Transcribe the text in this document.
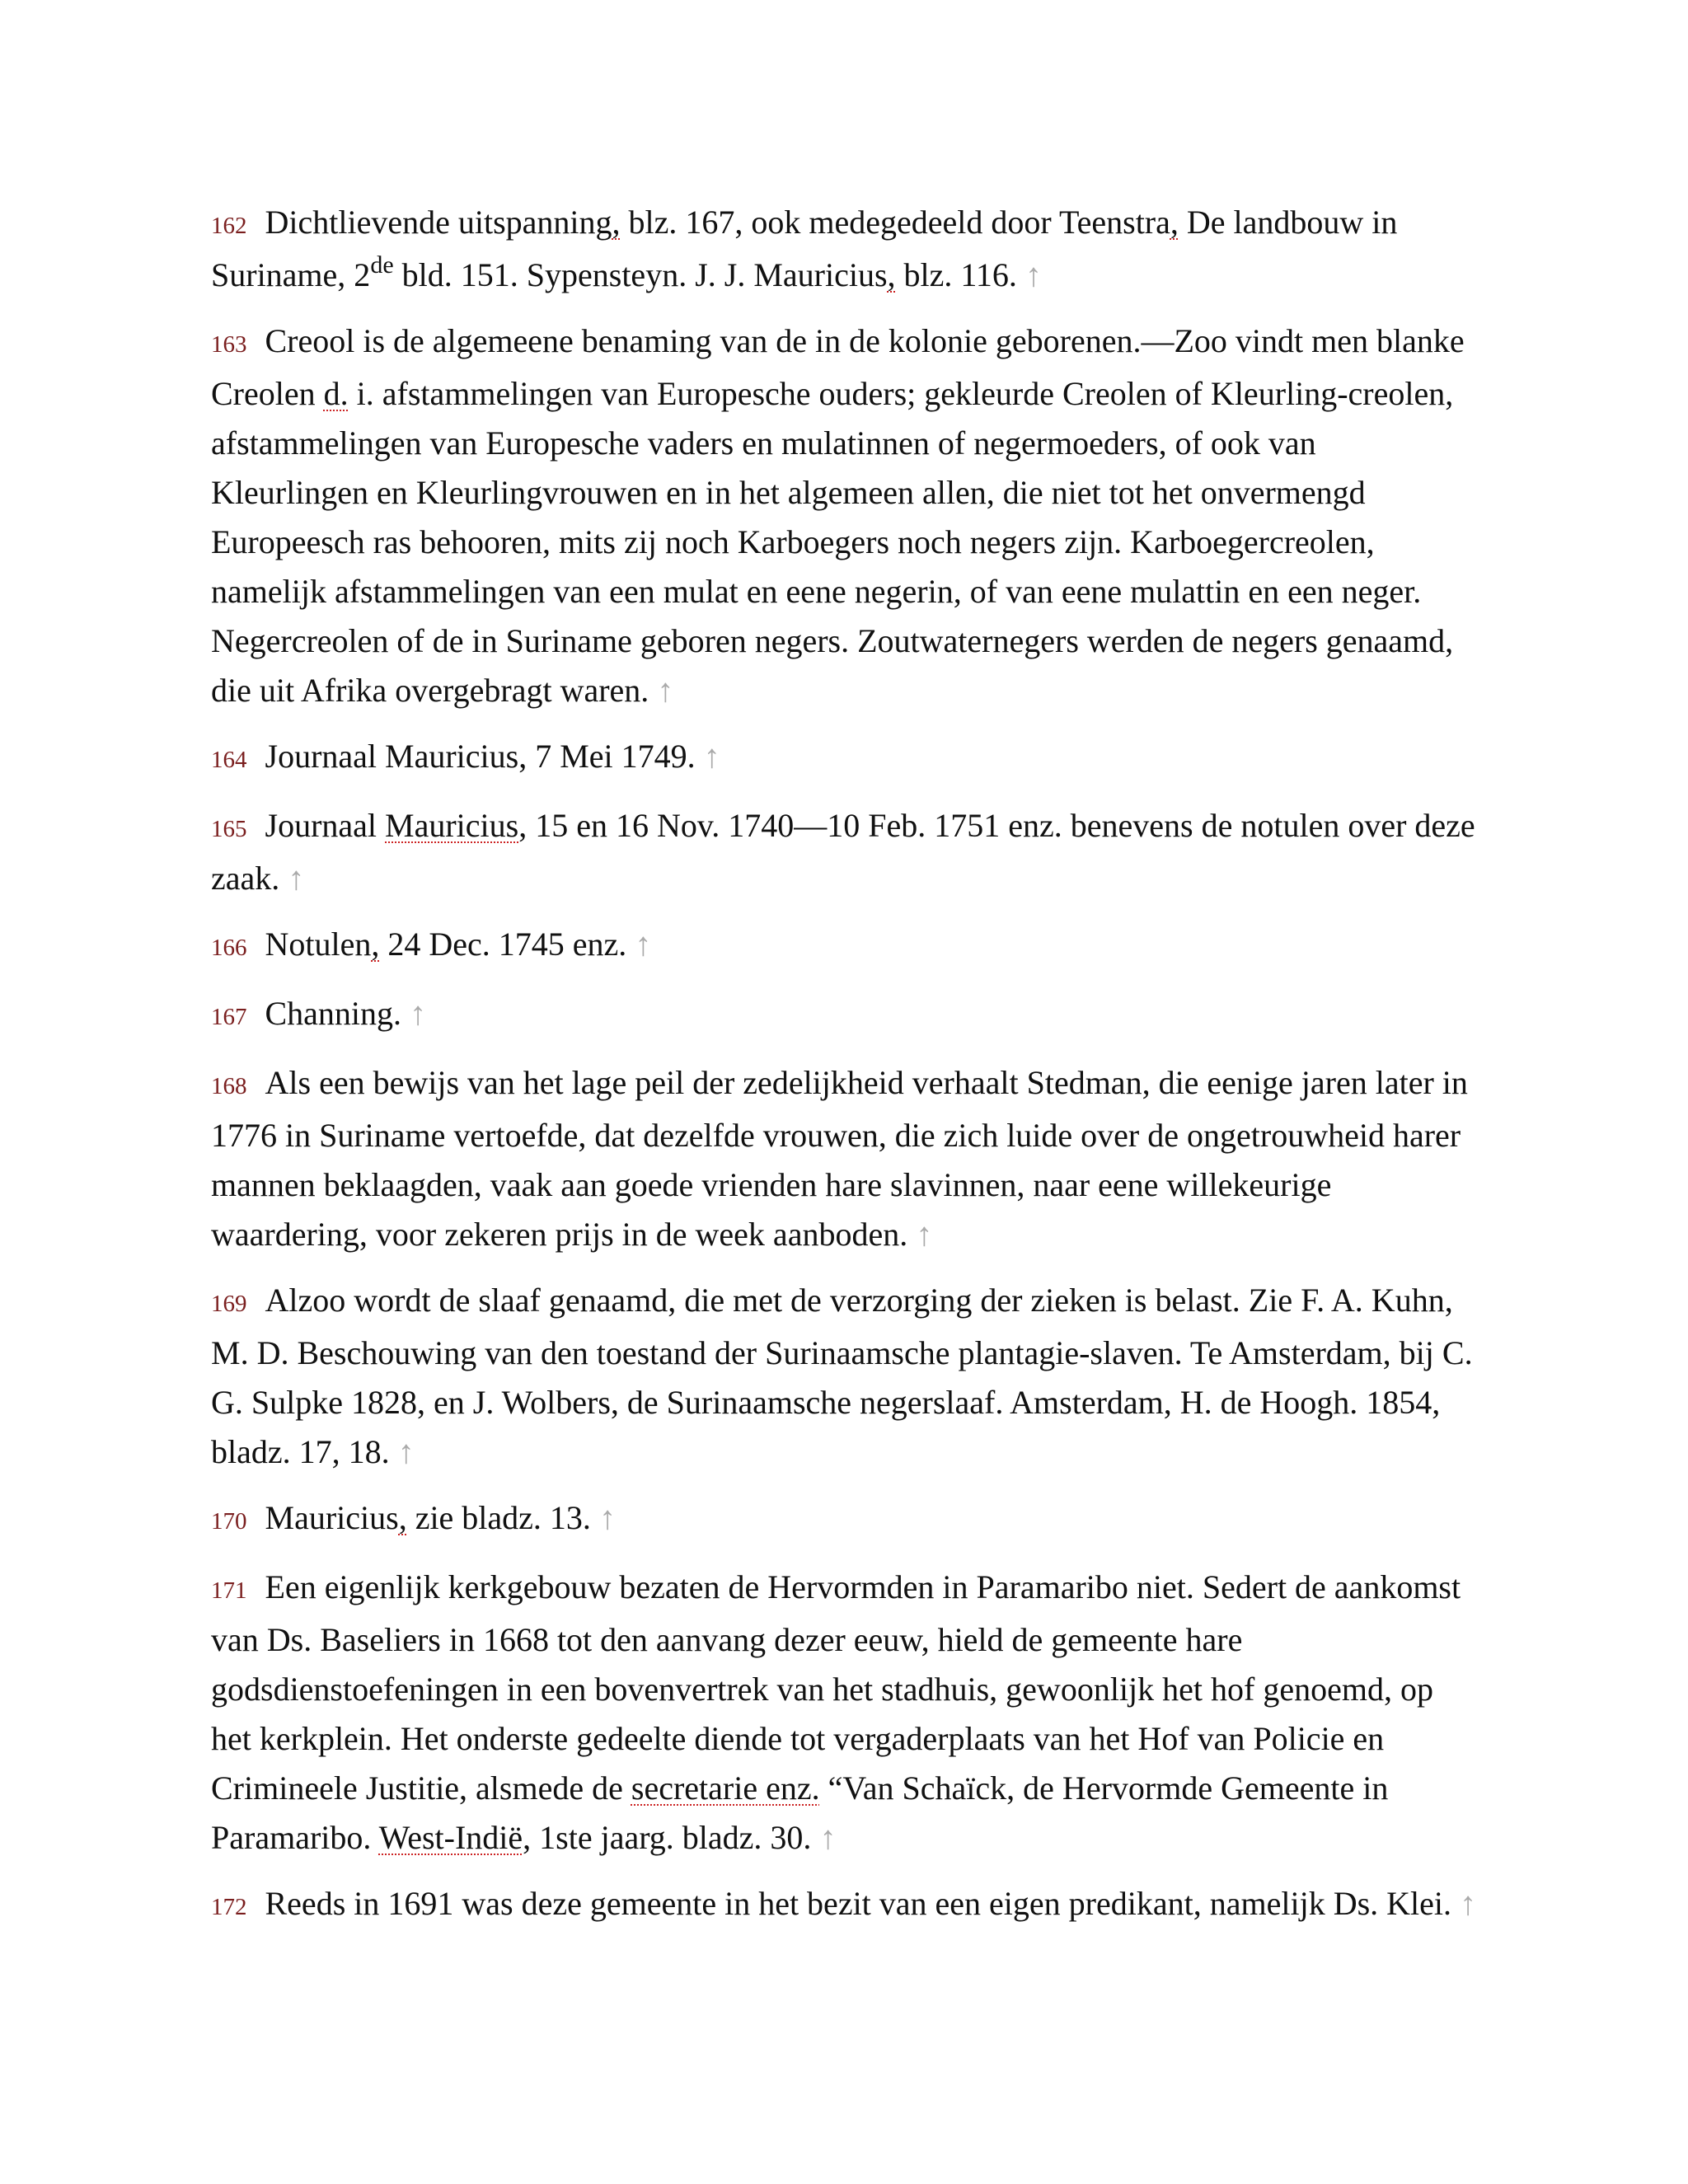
162 Dichtlievende uitspanning, blz. 167, ook medegedeeld door Teenstra, De landbouw in Suriname, 2de bld. 151. Sypensteyn. J. J. Mauricius, blz. 116. ↑

163 Creool is de algemeene benaming van de in de kolonie geborenen.—Zoo vindt men blanke Creolen d. i. afstammelingen van Europesche ouders; gekleurde Creolen of Kleurling-creolen, afstammelingen van Europesche vaders en mulatinnen of negermoeders, of ook van Kleurlingen en Kleurlingvrouwen en in het algemeen allen, die niet tot het onvermengd Europeesch ras behooren, mits zij noch Karboegers noch negers zijn. Karboegercreolen, namelijk afstammelingen van een mulat en eene negerin, of van eene mulattin en een neger. Negercreolen of de in Suriname geboren negers. Zoutwaternegers werden de negers genaamd, die uit Afrika overgebragt waren. ↑

164 Journaal Mauricius, 7 Mei 1749. ↑

165 Journaal Mauricius, 15 en 16 Nov. 1740—10 Feb. 1751 enz. benevens de notulen over deze zaak. ↑

166 Notulen, 24 Dec. 1745 enz. ↑

167 Channing. ↑

168 Als een bewijs van het lage peil der zedelijkheid verhaalt Stedman, die eenige jaren later in 1776 in Suriname vertoefde, dat dezelfde vrouwen, die zich luide over de ongetrouwheid harer mannen beklaagden, vaak aan goede vrienden hare slavinnen, naar eene willekeurige waardering, voor zekeren prijs in de week aanboden. ↑

169 Alzoo wordt de slaaf genaamd, die met de verzorging der zieken is belast. Zie F. A. Kuhn, M. D. Beschouwing van den toestand der Surinaamsche plantagie-slaven. Te Amsterdam, bij C. G. Sulpke 1828, en J. Wolbers, de Surinaamsche negerslaaf. Amsterdam, H. de Hoogh. 1854, bladz. 17, 18. ↑

170 Mauricius, zie bladz. 13. ↑

171 Een eigenlijk kerkgebouw bezaten de Hervormden in Paramaribo niet. Sedert de aankomst van Ds. Baseliers in 1668 tot den aanvang dezer eeuw, hield de gemeente hare godsdienstoefeningen in een bovenvertrek van het stadhuis, gewoonlijk het hof genoemd, op het kerkplein. Het onderste gedeelte diende tot vergaderplaats van het Hof van Policie en Crimineele Justitie, alsmede de secretarie enz. “Van Schaïck, de Hervormde Gemeente in Paramaribo. West-Indië, 1ste jaarg. bladz. 30. ↑

172 Reeds in 1691 was deze gemeente in het bezit van een eigen predikant, namelijk Ds. Klei. ↑
